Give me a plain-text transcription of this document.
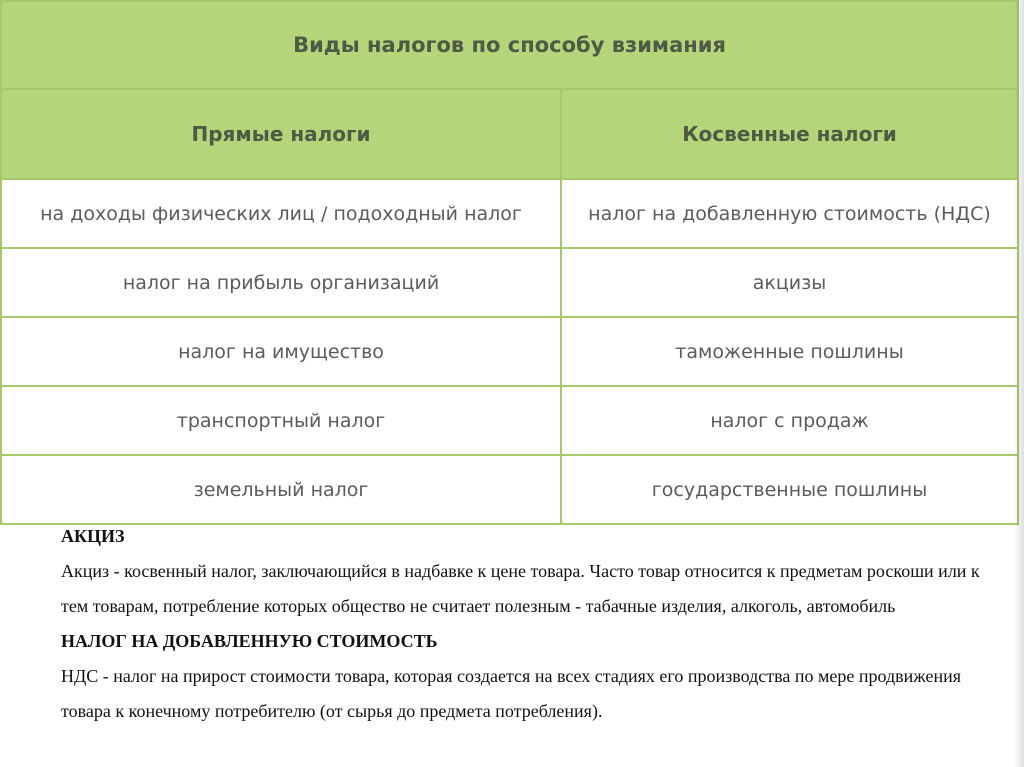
Виды налогов по способу взимания	
Прямые налоги	Косвенные налоги
на доходы физических лиц / подоходный налог	налог на добавленную стоимость (НДС)
налог на прибыль организаций	акцизы
налог на имущество	таможенные пошлины
транспортный налог	налог с продаж
земельный налог	государственные пошлины

АКЦИЗ

Акциз - косвенный налог, заключающийся в надбавке к цене товара. Часто товар относится к предметам роскоши или к тем товарам, потребление которых общество не считает полезным - табачные изделия, алкоголь, автомобиль

НАЛОГ НА ДОБАВЛЕННУЮ СТОИМОСТЬ

НДС - налог на прирост стоимости товара, которая создается на всех стадиях его производства по мере продвижения товара к конечному потребителю (от сырья до предмета потребления).
